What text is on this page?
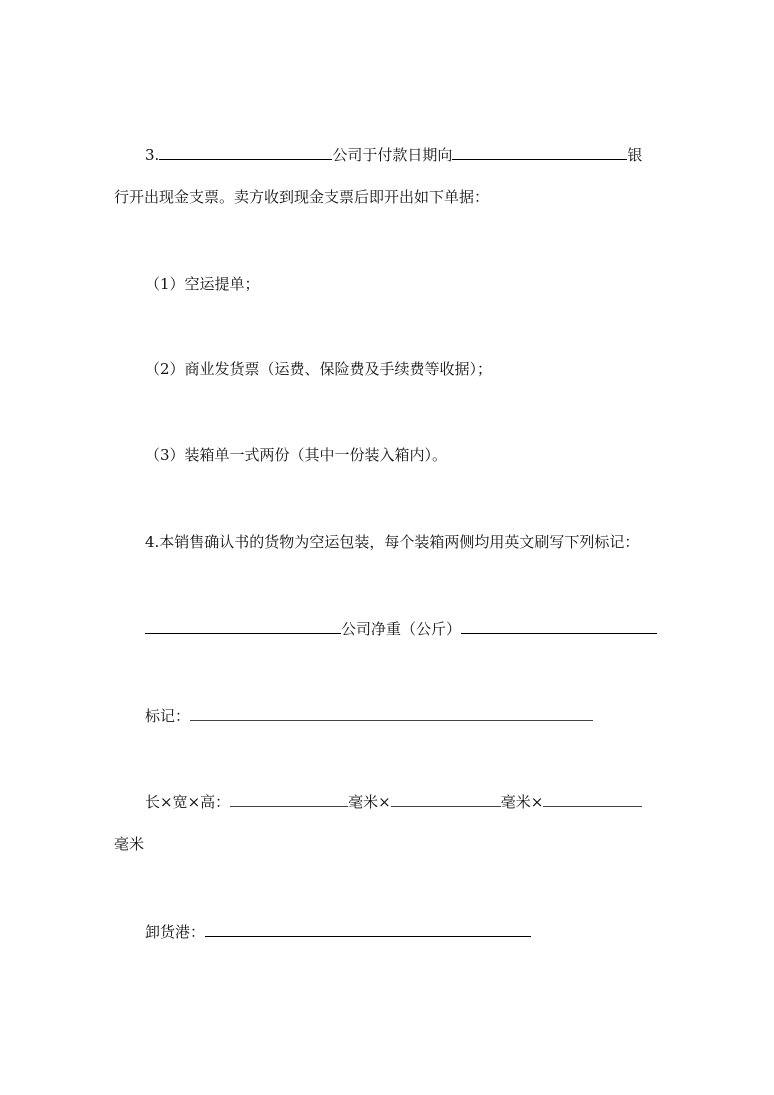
3.	公司于付款日期向	银
行开出现金支票。卖方收到现金支票后即开出如下单据：
（1）空运提单；
（2）商业发货票（运费、保险费及手续费等收据）；
（3）装箱单一式两份（其中一份装入箱内）。
4.本销售确认书的货物为空运包装，每个装箱两侧均用英文刷写下列标记：
公司净重（公斤）
标记：
长×宽×高：	毫米×	毫米×
毫米
卸货港：
